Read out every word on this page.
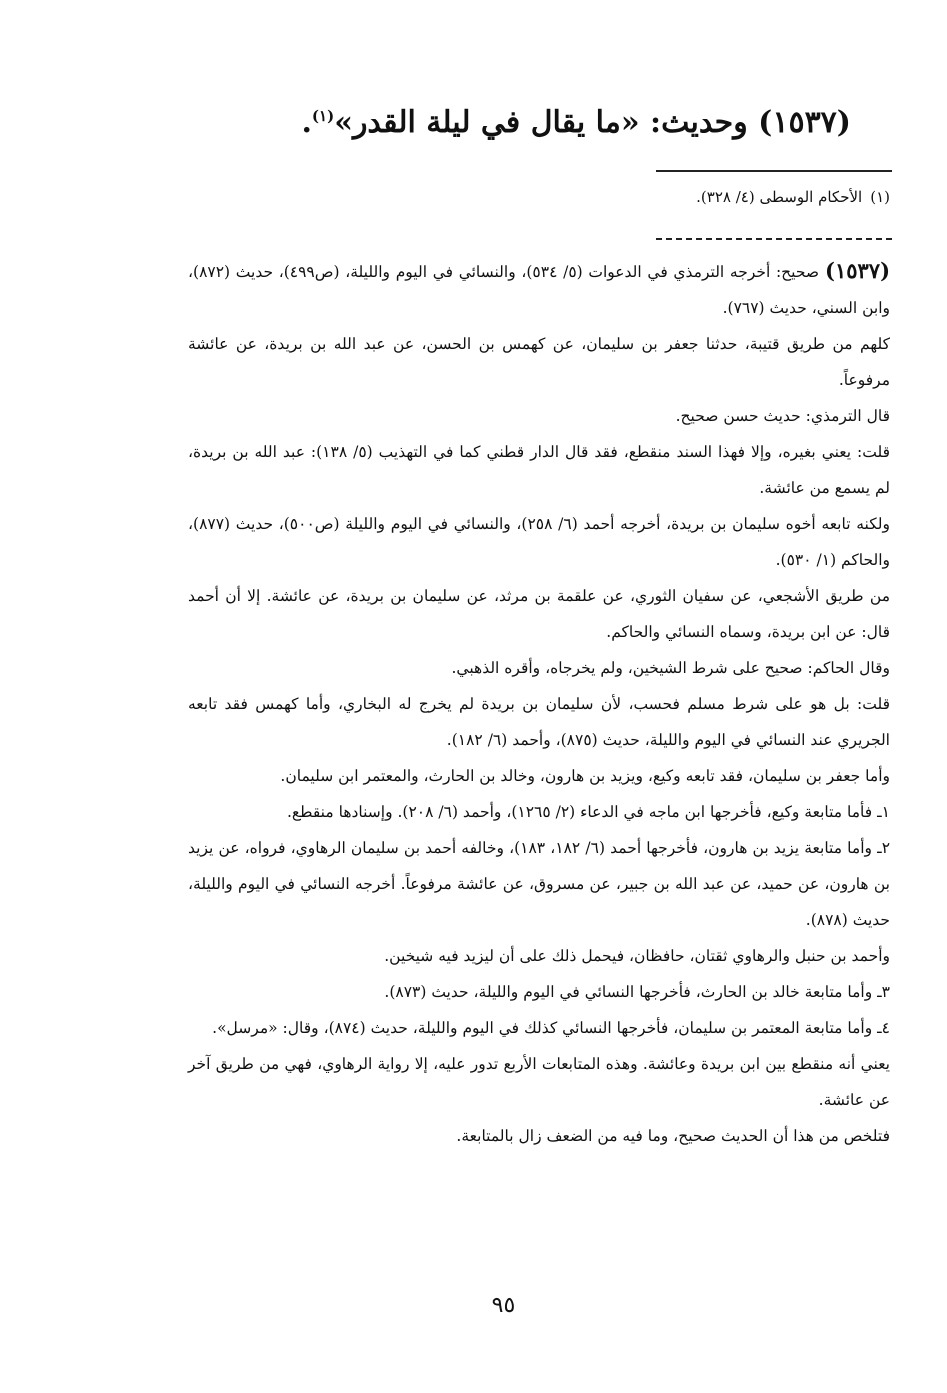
(١٥٣٧) وحديث: «ما يقال في ليلة القدر»$^{(١)}$.
(١)الأحكام الوسطى (٤/ ٣٢٨).
(١٥٣٧)

صحيح: أخرجه الترمذي في الدعوات (٥/ ٥٣٤)، والنسائي في اليوم والليلة، (ص٤٩٩)، حديث (٨٧٢)، وابن السني، حديث (٧٦٧).

كلهم من طريق قتيبة، حدثنا جعفر بن سليمان، عن كهمس بن الحسن، عن عبد الله بن بريدة، عن عائشة مرفوعاً.

قال الترمذي: حديث حسن صحيح.

قلت: يعني بغيره، وإلا فهذا السند منقطع، فقد قال الدار قطني كما في التهذيب (٥/ ١٣٨): عبد الله بن بريدة، لم يسمع من عائشة.

ولكنه تابعه أخوه سليمان بن بريدة، أخرجه أحمد (٦/ ٢٥٨)، والنسائي في اليوم والليلة (ص٥٠٠)، حديث (٨٧٧)، والحاكم (١/ ٥٣٠).

من طريق الأشجعي، عن سفيان الثوري، عن علقمة بن مرثد، عن سليمان بن بريدة، عن عائشة. إلا أن أحمد قال: عن ابن بريدة، وسماه النسائي والحاكم.

وقال الحاكم: صحيح على شرط الشيخين، ولم يخرجاه، وأقره الذهبي.

قلت: بل هو على شرط مسلم فحسب، لأن سليمان بن بريدة لم يخرج له البخاري، وأما كهمس فقد تابعه الجريري عند النسائي في اليوم والليلة، حديث (٨٧٥)، وأحمد (٦/ ١٨٢).

وأما جعفر بن سليمان، فقد تابعه وكيع، ويزيد بن هارون، وخالد بن الحارث، والمعتمر ابن سليمان.

١ـ فأما متابعة وكيع، فأخرجها ابن ماجه في الدعاء (٢/ ١٢٦٥)، وأحمد (٦/ ٢٠٨). وإسنادها منقطع.

٢ـ وأما متابعة يزيد بن هارون، فأخرجها أحمد (٦/ ١٨٢، ١٨٣)، وخالفه أحمد بن سليمان الرهاوي، فرواه، عن يزيد بن هارون، عن حميد، عن عبد الله بن جبير، عن مسروق، عن عائشة مرفوعاً. أخرجه النسائي في اليوم والليلة، حديث (٨٧٨).

وأحمد بن حنبل والرهاوي ثقتان، حافظان، فيحمل ذلك على أن ليزيد فيه شيخين.

٣ـ وأما متابعة خالد بن الحارث، فأخرجها النسائي في اليوم والليلة، حديث (٨٧٣).

٤ـ وأما متابعة المعتمر بن سليمان، فأخرجها النسائي كذلك في اليوم والليلة، حديث (٨٧٤)، وقال: «مرسل».

يعني أنه منقطع بين ابن بريدة وعائشة. وهذه المتابعات الأربع تدور عليه، إلا رواية الرهاوي، فهي من طريق آخر عن عائشة.

فتلخص من هذا أن الحديث صحيح، وما فيه من الضعف زال بالمتابعة.

٩٥
